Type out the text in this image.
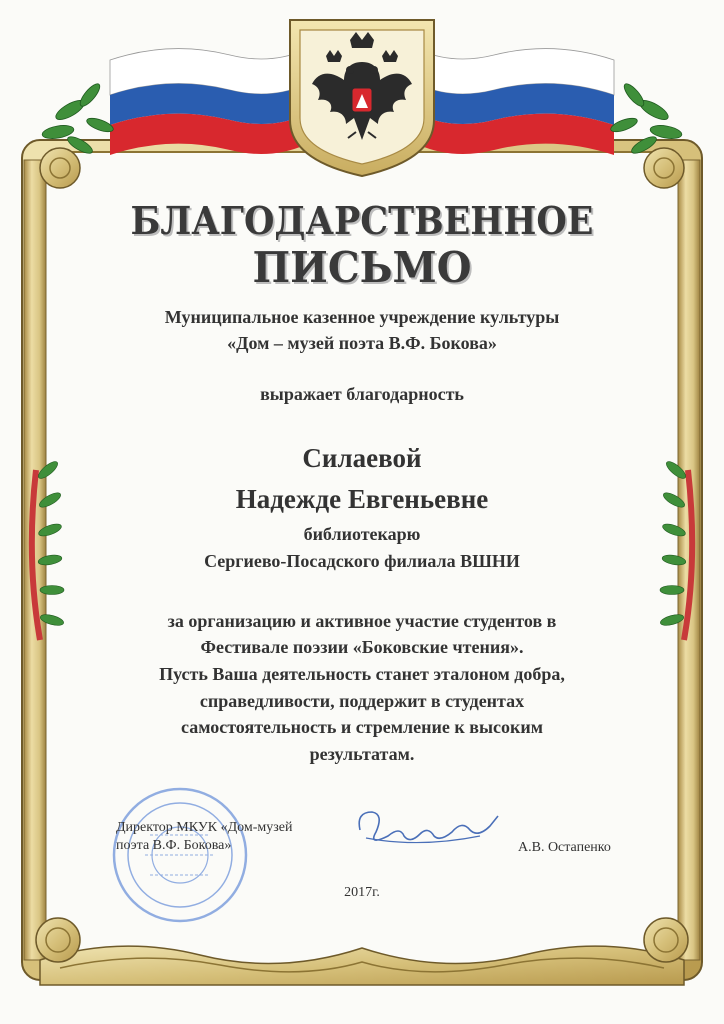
БЛАГОДАРСТВЕННОЕ

ПИСЬМО

Муниципальное казенное учреждение культуры

«Дом – музей поэта В.Ф. Бокова»

выражает благодарность

Силаевой

Надежде Евгеньевне

библиотекарю

Сергиево-Посадского филиала ВШНИ

за организацию и активное участие студентов в

Фестивале поэзии «Боковские чтения».

Пусть Ваша деятельность станет эталоном добра,

справедливости, поддержит в студентах

самостоятельность и стремление к высоким

результатам.

Директор МКУК «Дом-музей
поэта В.Ф. Бокова»	А.В. Остапенко
2017г.
